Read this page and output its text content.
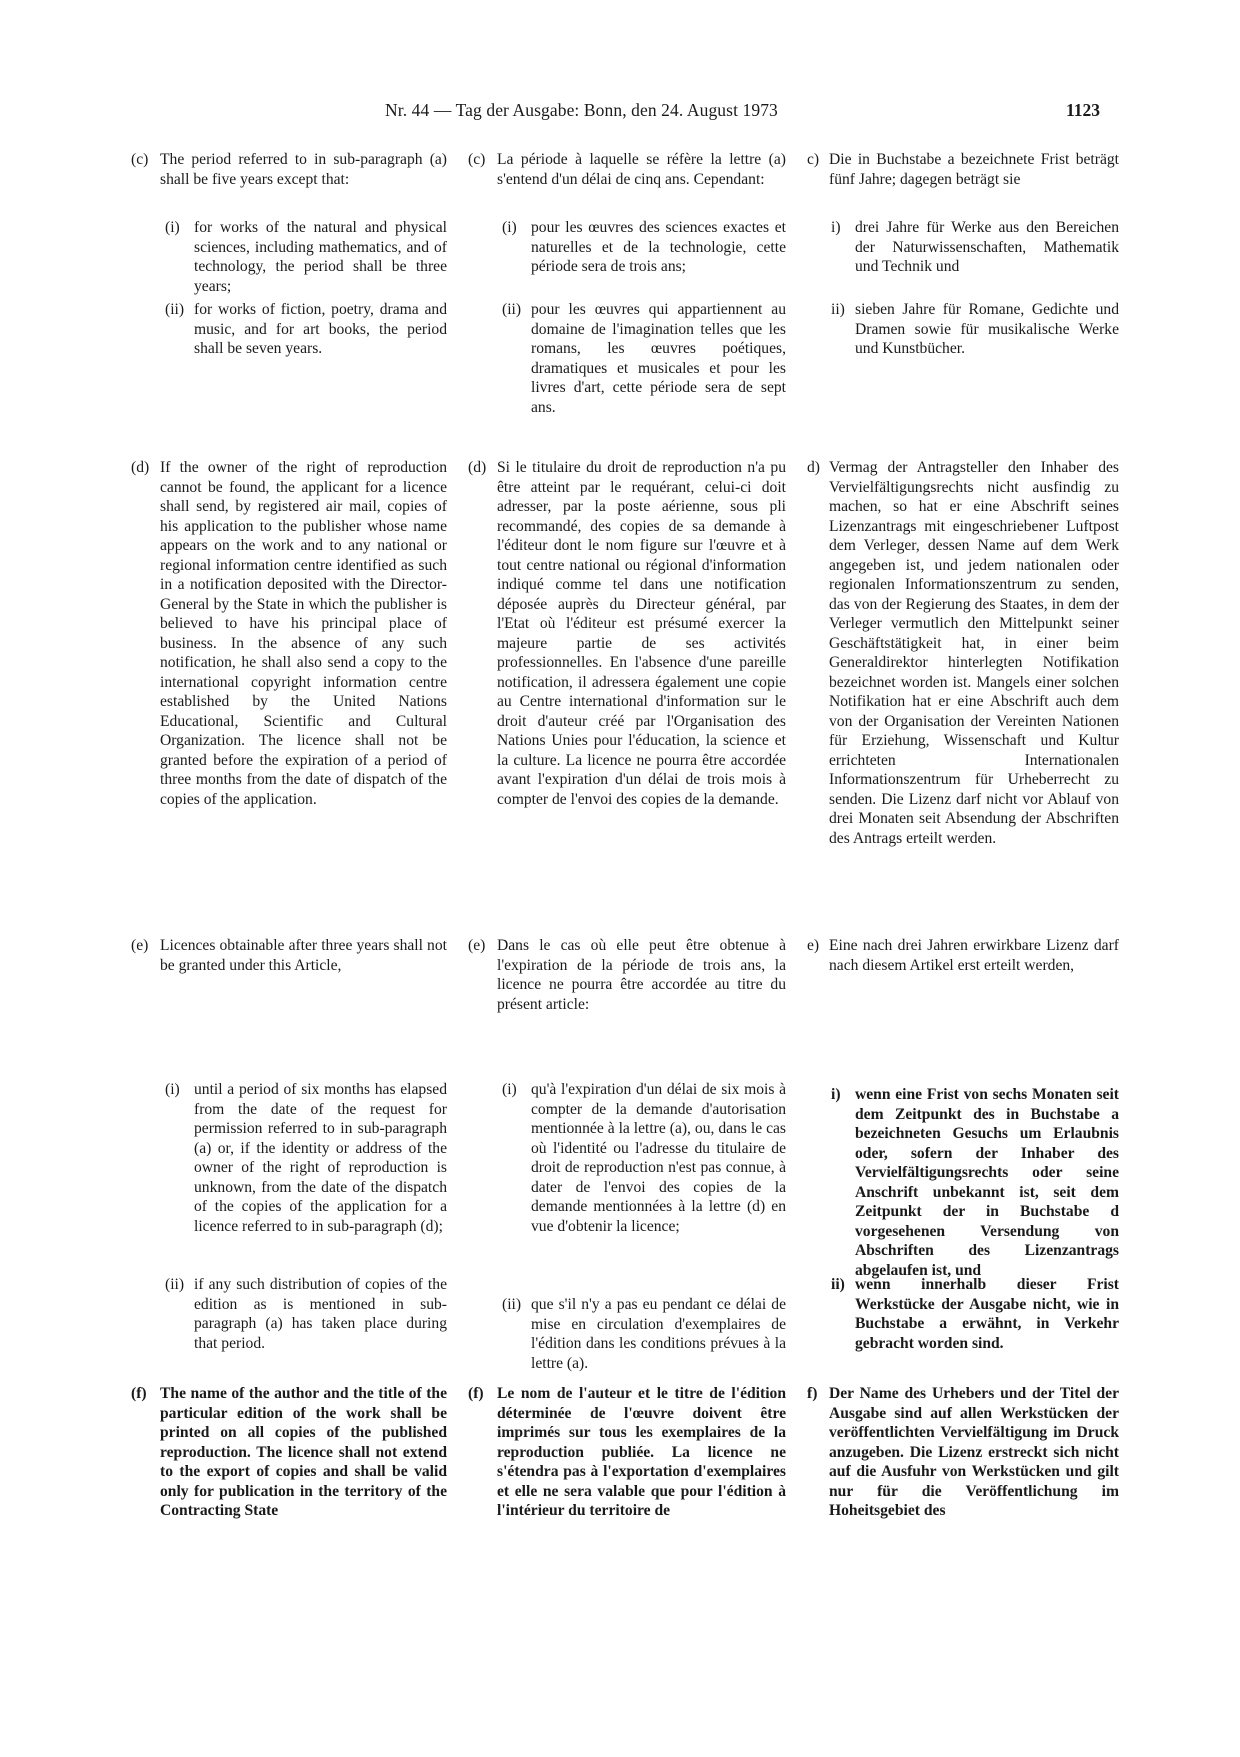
Nr. 44 — Tag der Ausgabe: Bonn, den 24. August 1973	1123
(c) The period referred to in sub-paragraph (a) shall be five years except that:
(i) for works of the natural and physical sciences, including mathematics, and of technology, the period shall be three years;
(ii) for works of fiction, poetry, drama and music, and for art books, the period shall be seven years.
(d) If the owner of the right of reproduction cannot be found, the applicant for a licence shall send, by registered air mail, copies of his application to the publisher whose name appears on the work and to any national or regional information centre identified as such in a notification deposited with the Director-General by the State in which the publisher is believed to have his principal place of business. In the absence of any such notification, he shall also send a copy to the international copyright information centre established by the United Nations Educational, Scientific and Cultural Organization. The licence shall not be granted before the expiration of a period of three months from the date of dispatch of the copies of the application.
(e) Licences obtainable after three years shall not be granted under this Article,
(i) until a period of six months has elapsed from the date of the request for permission referred to in sub-paragraph (a) or, if the identity or address of the owner of the right of reproduction is unknown, from the date of the dispatch of the copies of the application for a licence referred to in sub-paragraph (d);
(ii) if any such distribution of copies of the edition as is mentioned in sub-paragraph (a) has taken place during that period.
(f) The name of the author and the title of the particular edition of the work shall be printed on all copies of the published reproduction. The licence shall not extend to the export of copies and shall be valid only for publication in the territory of the Contracting State
(c) La période à laquelle se réfère la lettre (a) s'entend d'un délai de cinq ans. Cependant:
(i) pour les œuvres des sciences exactes et naturelles et de la technologie, cette période sera de trois ans;
(ii) pour les œuvres qui appartiennent au domaine de l'imagination telles que les romans, les œuvres poétiques, dramatiques et musicales et pour les livres d'art, cette période sera de sept ans.
(d) Si le titulaire du droit de reproduction n'a pu être atteint par le requérant, celui-ci doit adresser, par la poste aérienne, sous pli recommandé, des copies de sa demande à l'éditeur dont le nom figure sur l'œuvre et à tout centre national ou régional d'information indiqué comme tel dans une notification déposée auprès du Directeur général, par l'Etat où l'éditeur est présumé exercer la majeure partie de ses activités professionnelles. En l'absence d'une pareille notification, il adressera également une copie au Centre international d'information sur le droit d'auteur créé par l'Organisation des Nations Unies pour l'éducation, la science et la culture. La licence ne pourra être accordée avant l'expiration d'un délai de trois mois à compter de l'envoi des copies de la demande.
(e) Dans le cas où elle peut être obtenue à l'expiration de la période de trois ans, la licence ne pourra être accordée au titre du présent article:
(i) qu'à l'expiration d'un délai de six mois à compter de la demande d'autorisation mentionnée à la lettre (a), ou, dans le cas où l'identité ou l'adresse du titulaire de droit de reproduction n'est pas connue, à dater de l'envoi des copies de la demande mentionnées à la lettre (d) en vue d'obtenir la licence;
(ii) que s'il n'y a pas eu pendant ce délai de mise en circulation d'exemplaires de l'édition dans les conditions prévues à la lettre (a).
(f) Le nom de l'auteur et le titre de l'édition déterminée de l'œuvre doivent être imprimés sur tous les exemplaires de la reproduction publiée. La licence ne s'étendra pas à l'exportation d'exemplaires et elle ne sera valable que pour l'édition à l'intérieur du territoire de
c) Die in Buchstabe a bezeichnete Frist beträgt fünf Jahre; dagegen beträgt sie
i) drei Jahre für Werke aus den Bereichen der Naturwissenschaften, Mathematik und Technik und
ii) sieben Jahre für Romane, Gedichte und Dramen sowie für musikalische Werke und Kunstbücher.
d) Vermag der Antragsteller den Inhaber des Vervielfältigungsrechts nicht ausfindig zu machen, so hat er eine Abschrift seines Lizenzantrags mit eingeschriebener Luftpost dem Verleger, dessen Name auf dem Werk angegeben ist, und jedem nationalen oder regionalen Informationszentrum zu senden, das von der Regierung des Staates, in dem der Verleger vermutlich den Mittelpunkt seiner Geschäftstätigkeit hat, in einer beim Generaldirektor hinterlegten Notifikation bezeichnet worden ist. Mangels einer solchen Notifikation hat er eine Abschrift auch dem von der Organisation der Vereinten Nationen für Erziehung, Wissenschaft und Kultur errichteten Internationalen Informationszentrum für Urheberrecht zu senden. Die Lizenz darf nicht vor Ablauf von drei Monaten seit Absendung der Abschriften des Antrags erteilt werden.
e) Eine nach drei Jahren erwirkbare Lizenz darf nach diesem Artikel erst erteilt werden,
i) wenn eine Frist von sechs Monaten seit dem Zeitpunkt des in Buchstabe a bezeichneten Gesuchs um Erlaubnis oder, sofern der Inhaber des Vervielfältigungsrechts oder seine Anschrift unbekannt ist, seit dem Zeitpunkt der in Buchstabe d vorgesehenen Versendung von Abschriften des Lizenzantrags abgelaufen ist, und
ii) wenn innerhalb dieser Frist Werkstücke der Ausgabe nicht, wie in Buchstabe a erwähnt, in Verkehr gebracht worden sind.
f) Der Name des Urhebers und der Titel der Ausgabe sind auf allen Werkstücken der veröffentlichten Vervielfältigung im Druck anzugeben. Die Lizenz erstreckt sich nicht auf die Ausfuhr von Werkstücken und gilt nur für die Veröffentlichung im Hoheitsgebiet des
